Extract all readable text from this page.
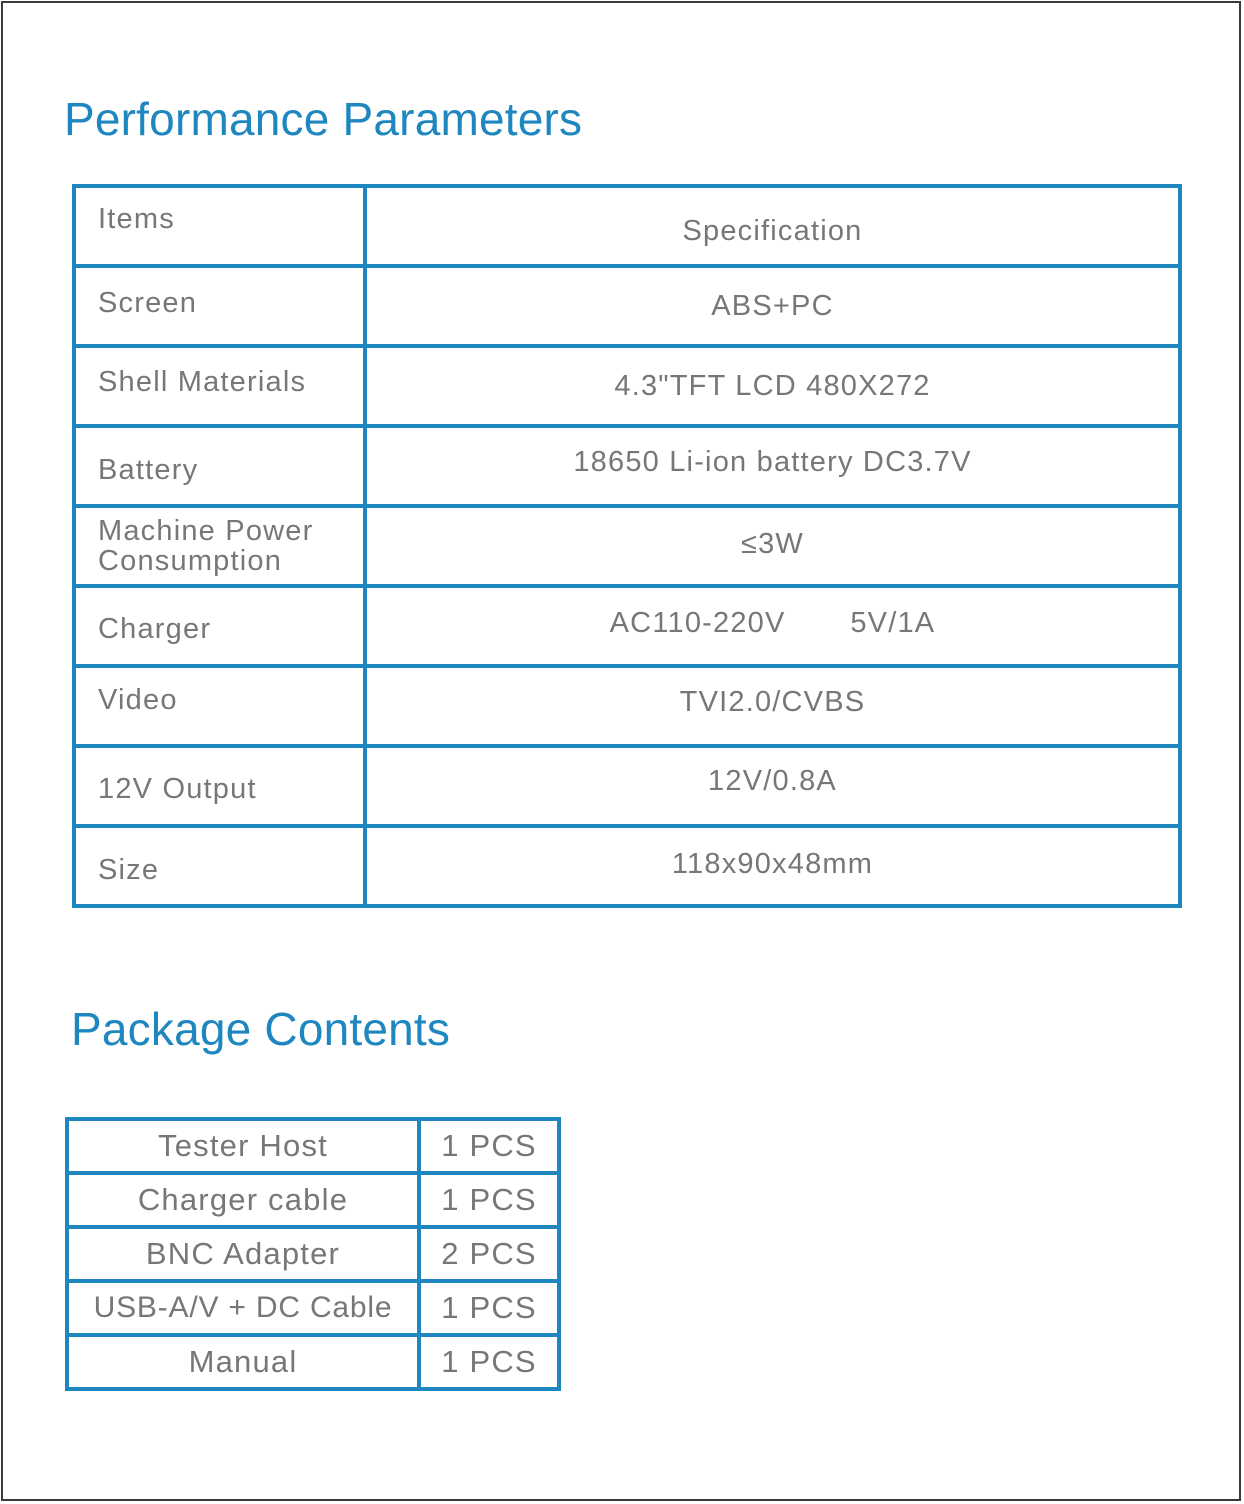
Performance Parameters
Items	Specification
Screen	ABS+PC
Shell Materials	4.3"TFT LCD 480X272
Battery	18650 Li-ion battery DC3.7V
Machine Power Consumption	≤3W
Charger	AC110-220V       5V/1A
Video	TVI2.0/CVBS
12V Output	12V/0.8A
Size	118x90x48mm
Package Contents
Tester Host	1 PCS
Charger cable	1 PCS
BNC Adapter	2 PCS
USB-A/V + DC Cable	1 PCS
Manual	1 PCS
